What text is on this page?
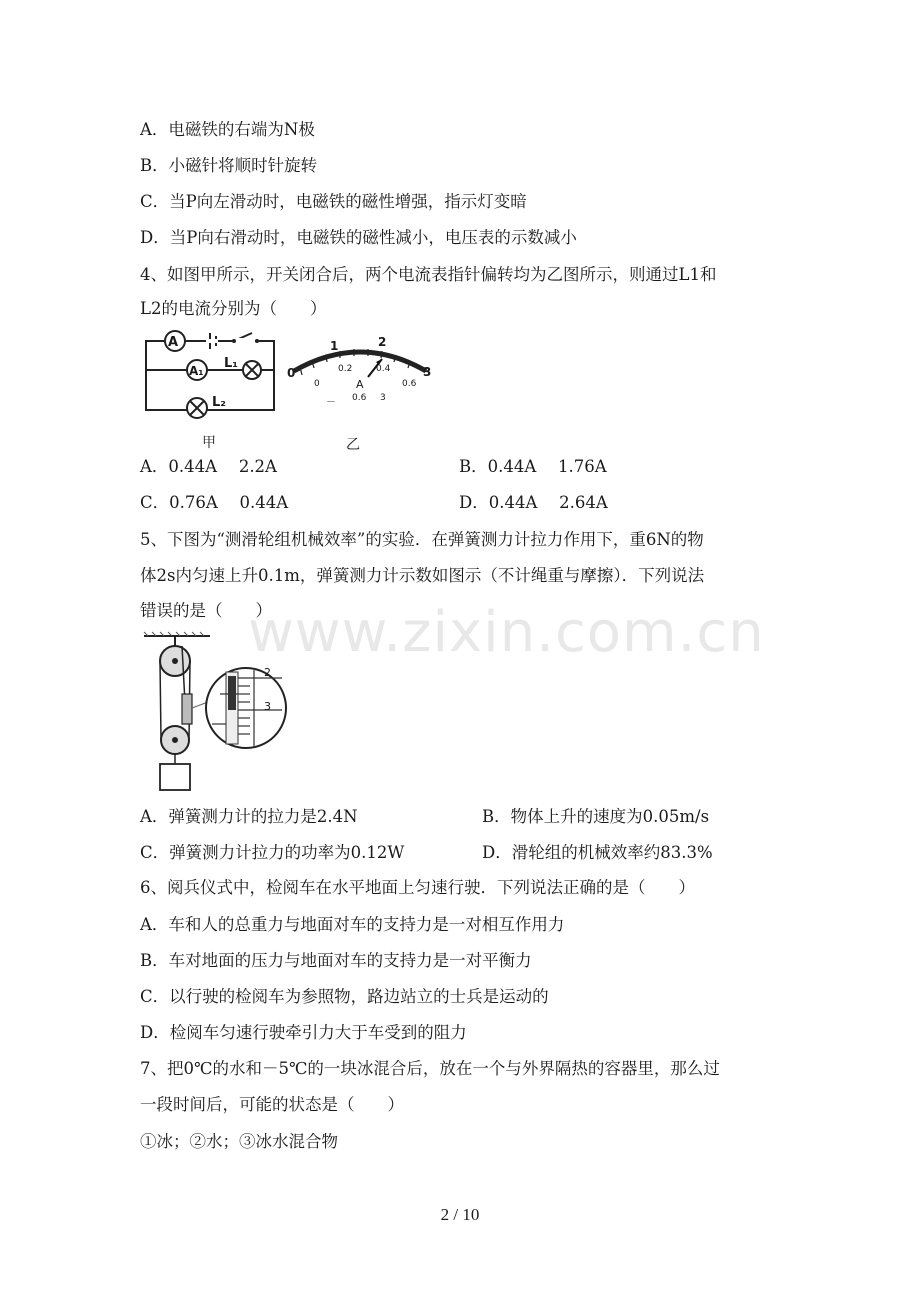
A．电磁铁的右端为N极
B．小磁针将顺时针旋转
C．当P向左滑动时，电磁铁的磁性增强，指示灯变暗
D．当P向右滑动时，电磁铁的磁性减小，电压表的示数减小
4、如图甲所示，开关闭合后，两个电流表指针偏转均为乙图所示，则通过L1和
L2的电流分别为（　　）
A
A₁ L₁
L₂
甲
0
1	2
3
0
0.2	0.4
0.6
A
－ 0.6 3
乙
A．0.44A　 2.2A	B．0.44A　 1.76A
C．0.76A　 0.44A	D．0.44A　 2.64A
5、下图为“测滑轮组机械效率”的实验．在弹簧测力计拉力作用下，重6N的物
体2s内匀速上升0.1m，弹簧测力计示数如图示（不计绳重与摩擦）．下列说法
错误的是（　　）
2
3
www.zixin.com.cn
A．弹簧测力计的拉力是2.4N	B．物体上升的速度为0.05m/s
C．弹簧测力计拉力的功率为0.12W	D．滑轮组的机械效率约83.3%
6、阅兵仪式中，检阅车在水平地面上匀速行驶．下列说法正确的是（　　）
A．车和人的总重力与地面对车的支持力是一对相互作用力
B．车对地面的压力与地面对车的支持力是一对平衡力
C．以行驶的检阅车为参照物，路边站立的士兵是运动的
D．检阅车匀速行驶牵引力大于车受到的阻力
7、把0℃的水和－5℃的一块冰混合后，放在一个与外界隔热的容器里，那么过
一段时间后，可能的状态是（　　）
①冰；②水；③冰水混合物
2 / 10
